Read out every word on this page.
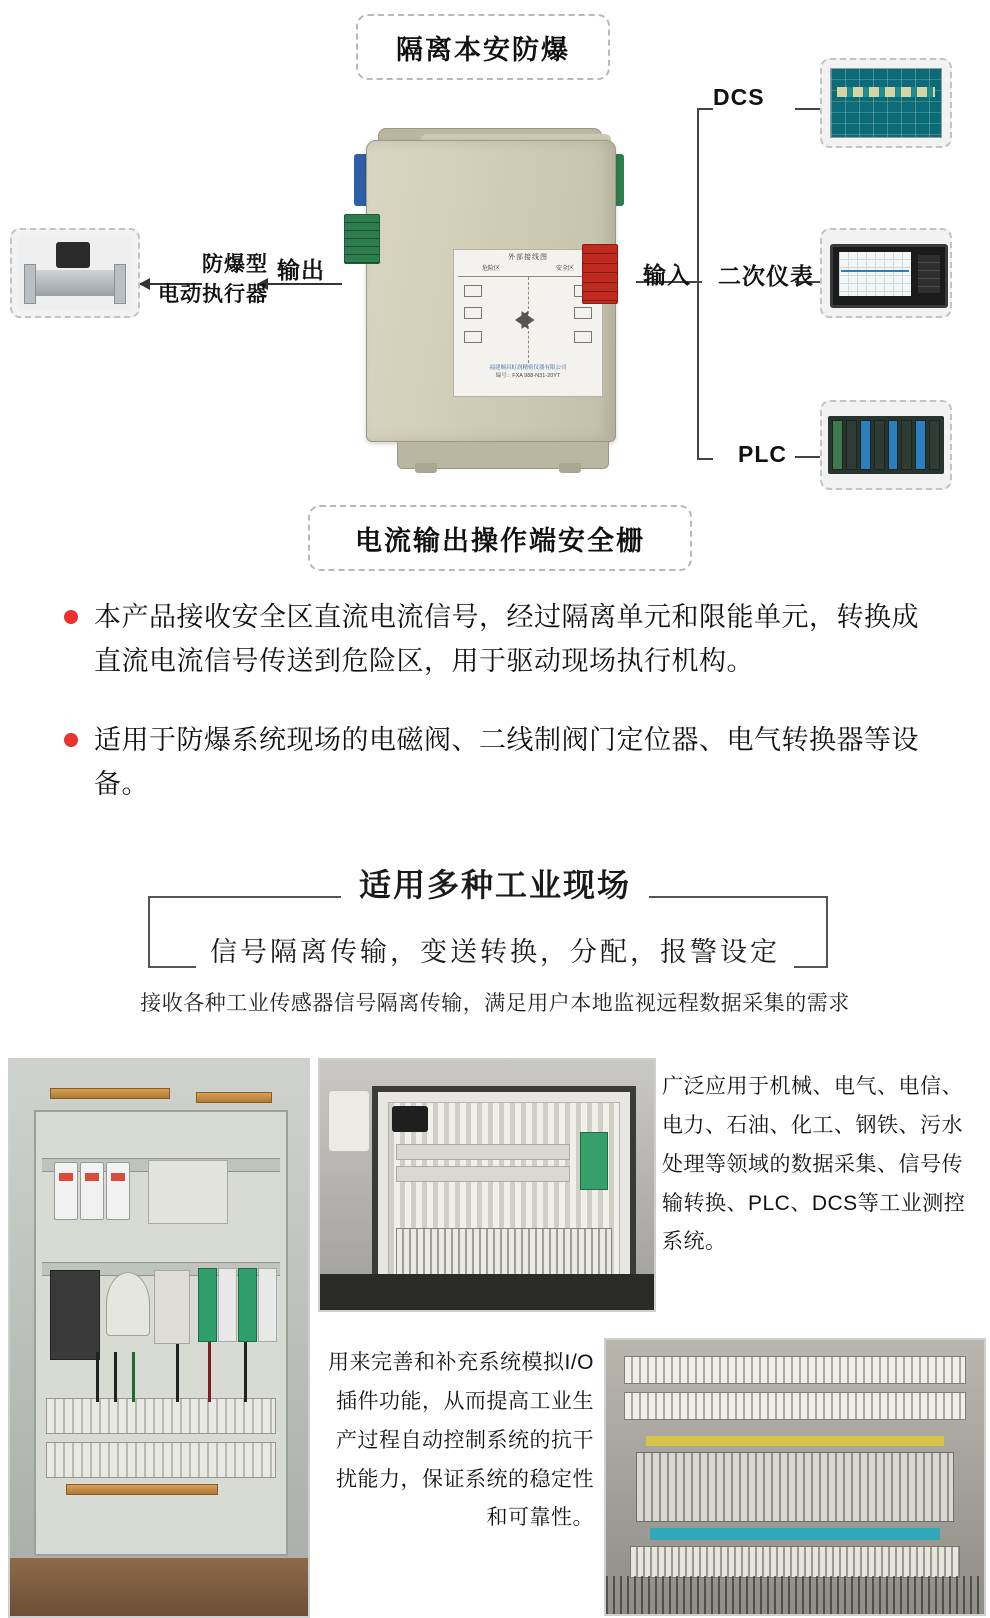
隔离本安防爆
电流输出操作端安全栅
外部接线图
危险区	安全区
福建顺昌虹润精密仪器有限公司
编号：FXA 988-N31-20YT
DCS
二次仪表
PLC
输入
输出
防爆型
电动执行器
本产品接收安全区直流电流信号，经过隔离单元和限能单元，转换成直流电流信号传送到危险区，用于驱动现场执行机构。
适用于防爆系统现场的电磁阀、二线制阀门定位器、电气转换器等设备。
适用多种工业现场
信号隔离传输，变送转换，分配，报警设定
接收各种工业传感器信号隔离传输，满足用户本地监视远程数据采集的需求
广泛应用于机械、电气、电信、电力、石油、化工、钢铁、污水处理等领域的数据采集、信号传输转换、PLC、DCS等工业测控系统。
用来完善和补充系统模拟I/O插件功能，从而提高工业生产过程自动控制系统的抗干扰能力，保证系统的稳定性和可靠性。
